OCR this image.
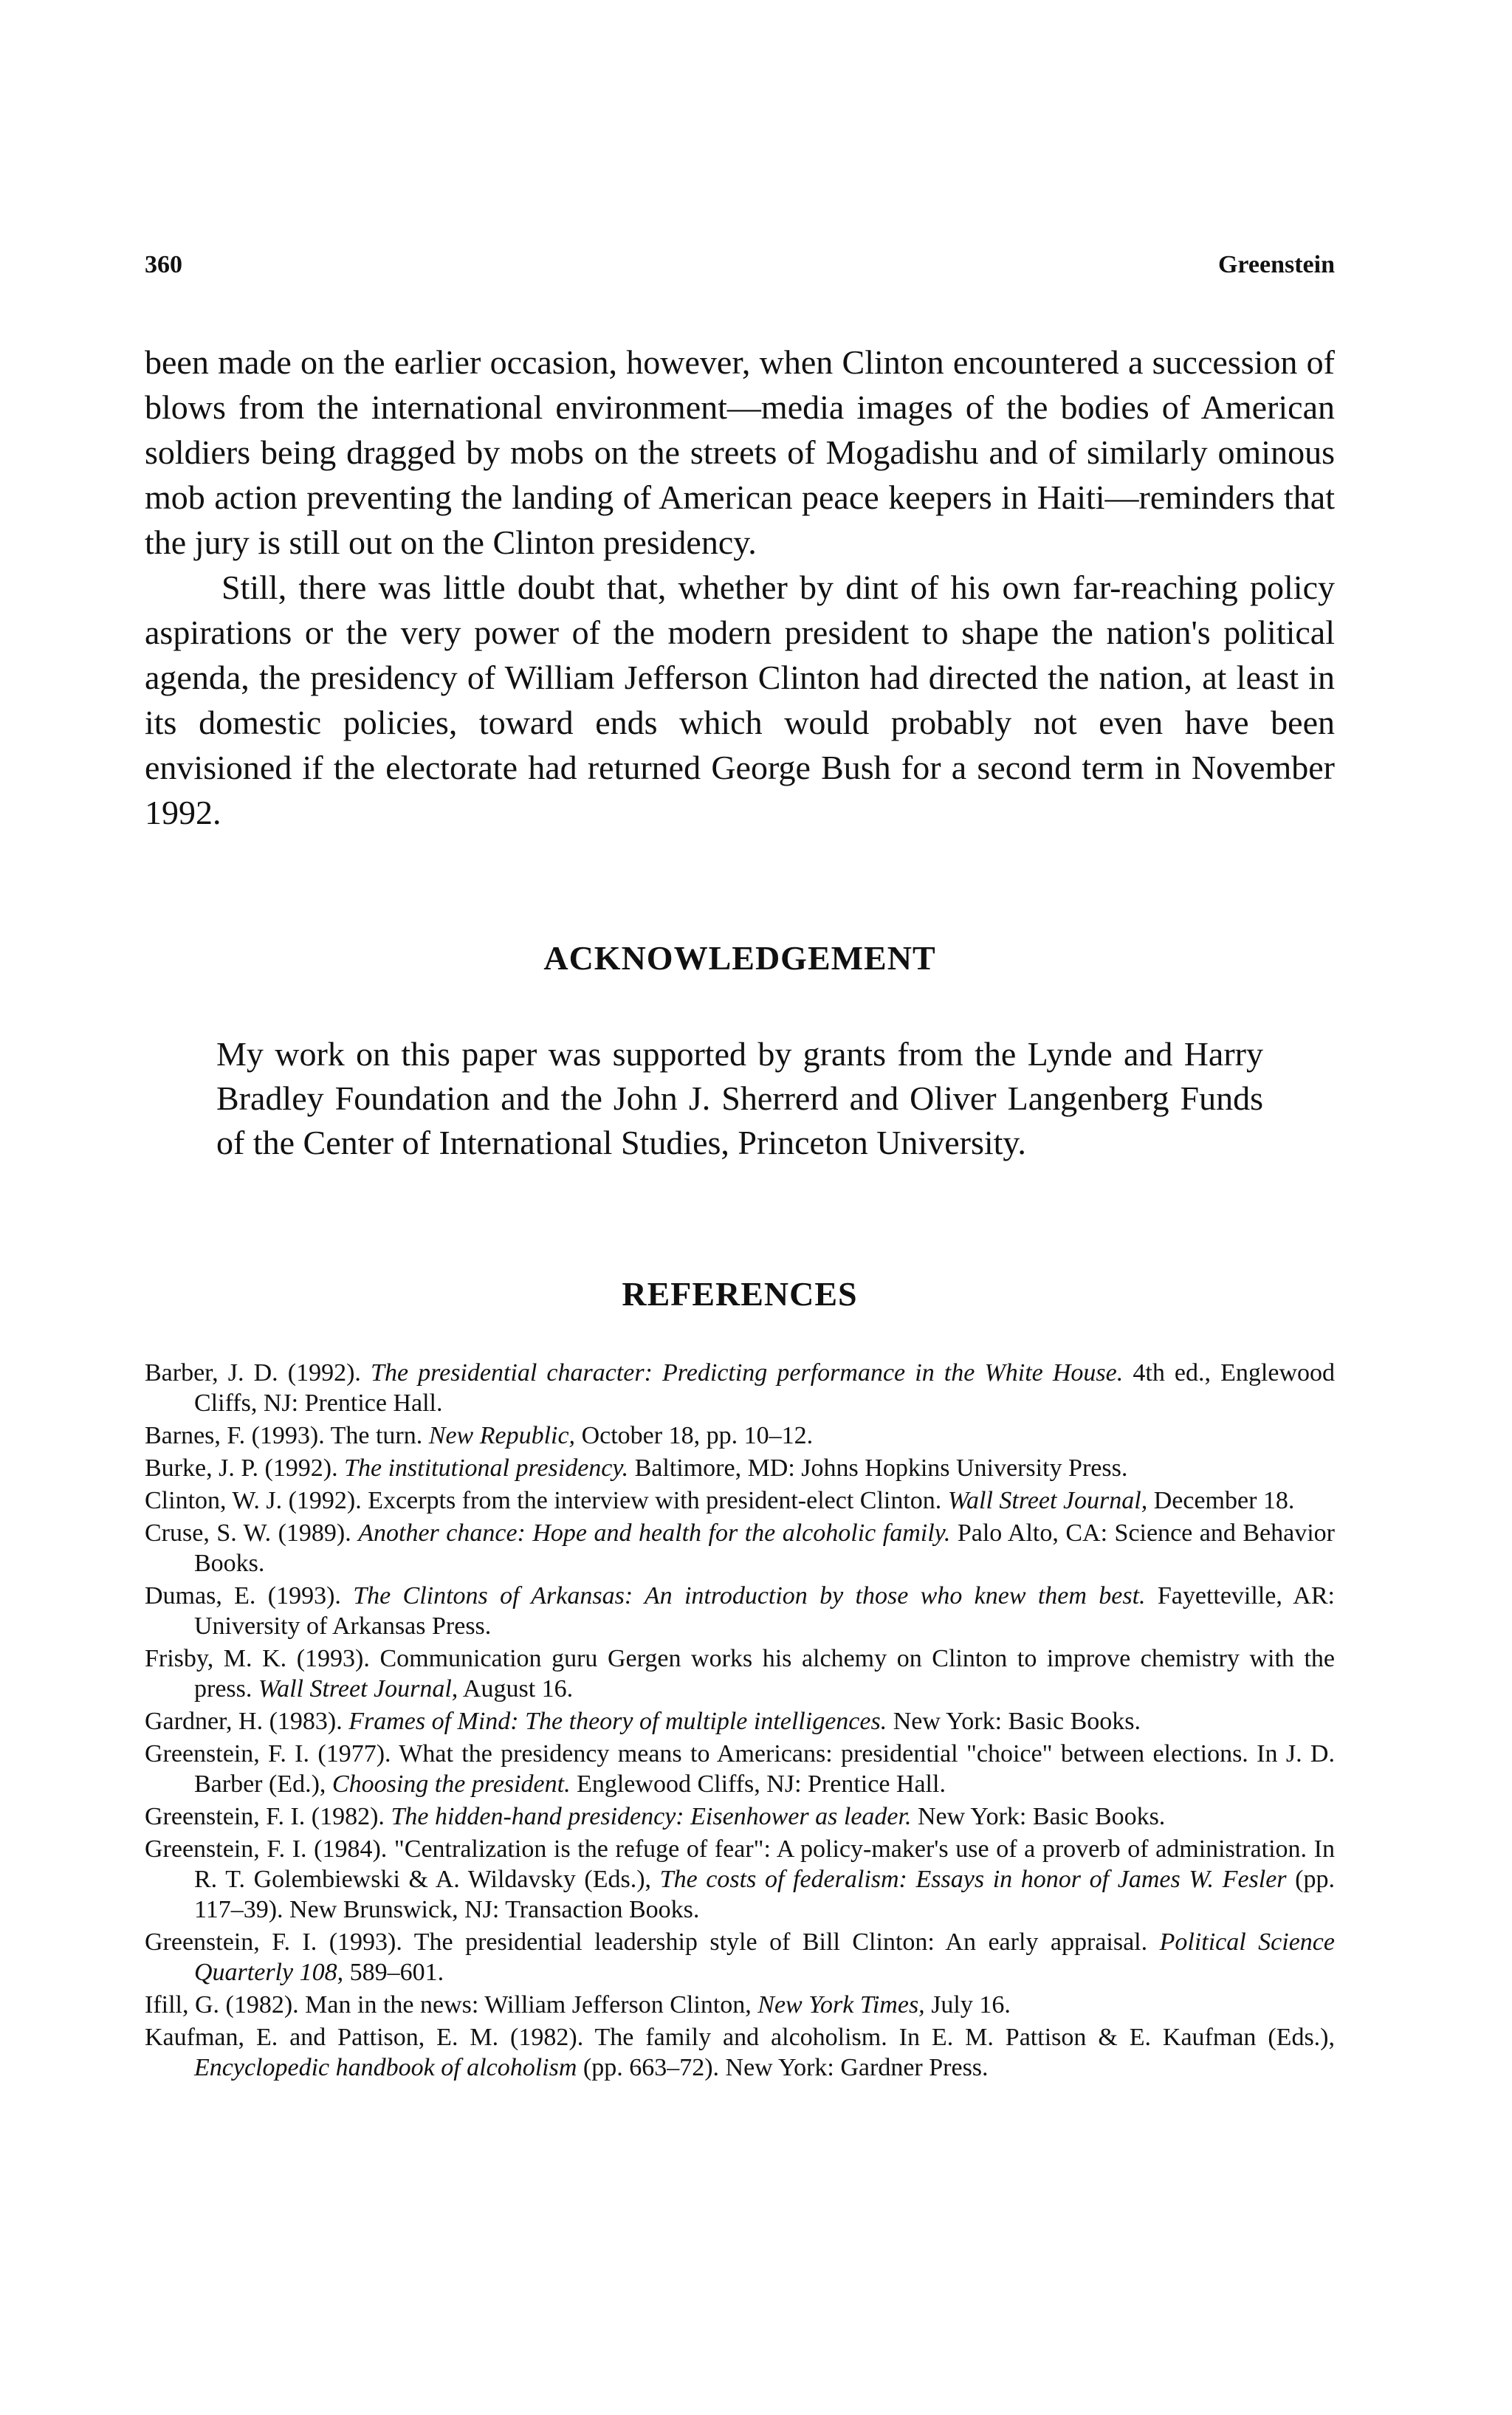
360	Greenstein

been made on the earlier occasion, however, when Clinton encountered a succession of blows from the international environment—media images of the bodies of American soldiers being dragged by mobs on the streets of Mogadishu and of similarly ominous mob action preventing the landing of American peace keepers in Haiti—reminders that the jury is still out on the Clinton presidency.

Still, there was little doubt that, whether by dint of his own far-reaching policy aspirations or the very power of the modern president to shape the nation's political agenda, the presidency of William Jefferson Clinton had directed the nation, at least in its domestic policies, toward ends which would probably not even have been envisioned if the electorate had returned George Bush for a second term in November 1992.

ACKNOWLEDGEMENT

My work on this paper was supported by grants from the Lynde and Harry Bradley Foundation and the John J. Sherrerd and Oliver Langenberg Funds of the Center of International Studies, Princeton University.

REFERENCES

Barber, J. D. (1992). The presidential character: Predicting performance in the White House. 4th ed., Englewood Cliffs, NJ: Prentice Hall.

Barnes, F. (1993). The turn. New Republic, October 18, pp. 10–12.

Burke, J. P. (1992). The institutional presidency. Baltimore, MD: Johns Hopkins University Press.

Clinton, W. J. (1992). Excerpts from the interview with president-elect Clinton. Wall Street Journal, December 18.

Cruse, S. W. (1989). Another chance: Hope and health for the alcoholic family. Palo Alto, CA: Science and Behavior Books.

Dumas, E. (1993). The Clintons of Arkansas: An introduction by those who knew them best. Fayetteville, AR: University of Arkansas Press.

Frisby, M. K. (1993). Communication guru Gergen works his alchemy on Clinton to improve chemistry with the press. Wall Street Journal, August 16.

Gardner, H. (1983). Frames of Mind: The theory of multiple intelligences. New York: Basic Books.

Greenstein, F. I. (1977). What the presidency means to Americans: presidential "choice" between elections. In J. D. Barber (Ed.), Choosing the president. Englewood Cliffs, NJ: Prentice Hall.

Greenstein, F. I. (1982). The hidden-hand presidency: Eisenhower as leader. New York: Basic Books.

Greenstein, F. I. (1984). "Centralization is the refuge of fear": A policy-maker's use of a proverb of administration. In R. T. Golembiewski & A. Wildavsky (Eds.), The costs of federalism: Essays in honor of James W. Fesler (pp. 117–39). New Brunswick, NJ: Transaction Books.

Greenstein, F. I. (1993). The presidential leadership style of Bill Clinton: An early appraisal. Political Science Quarterly 108, 589–601.

Ifill, G. (1982). Man in the news: William Jefferson Clinton, New York Times, July 16.

Kaufman, E. and Pattison, E. M. (1982). The family and alcoholism. In E. M. Pattison & E. Kaufman (Eds.), Encyclopedic handbook of alcoholism (pp. 663–72). New York: Gardner Press.
